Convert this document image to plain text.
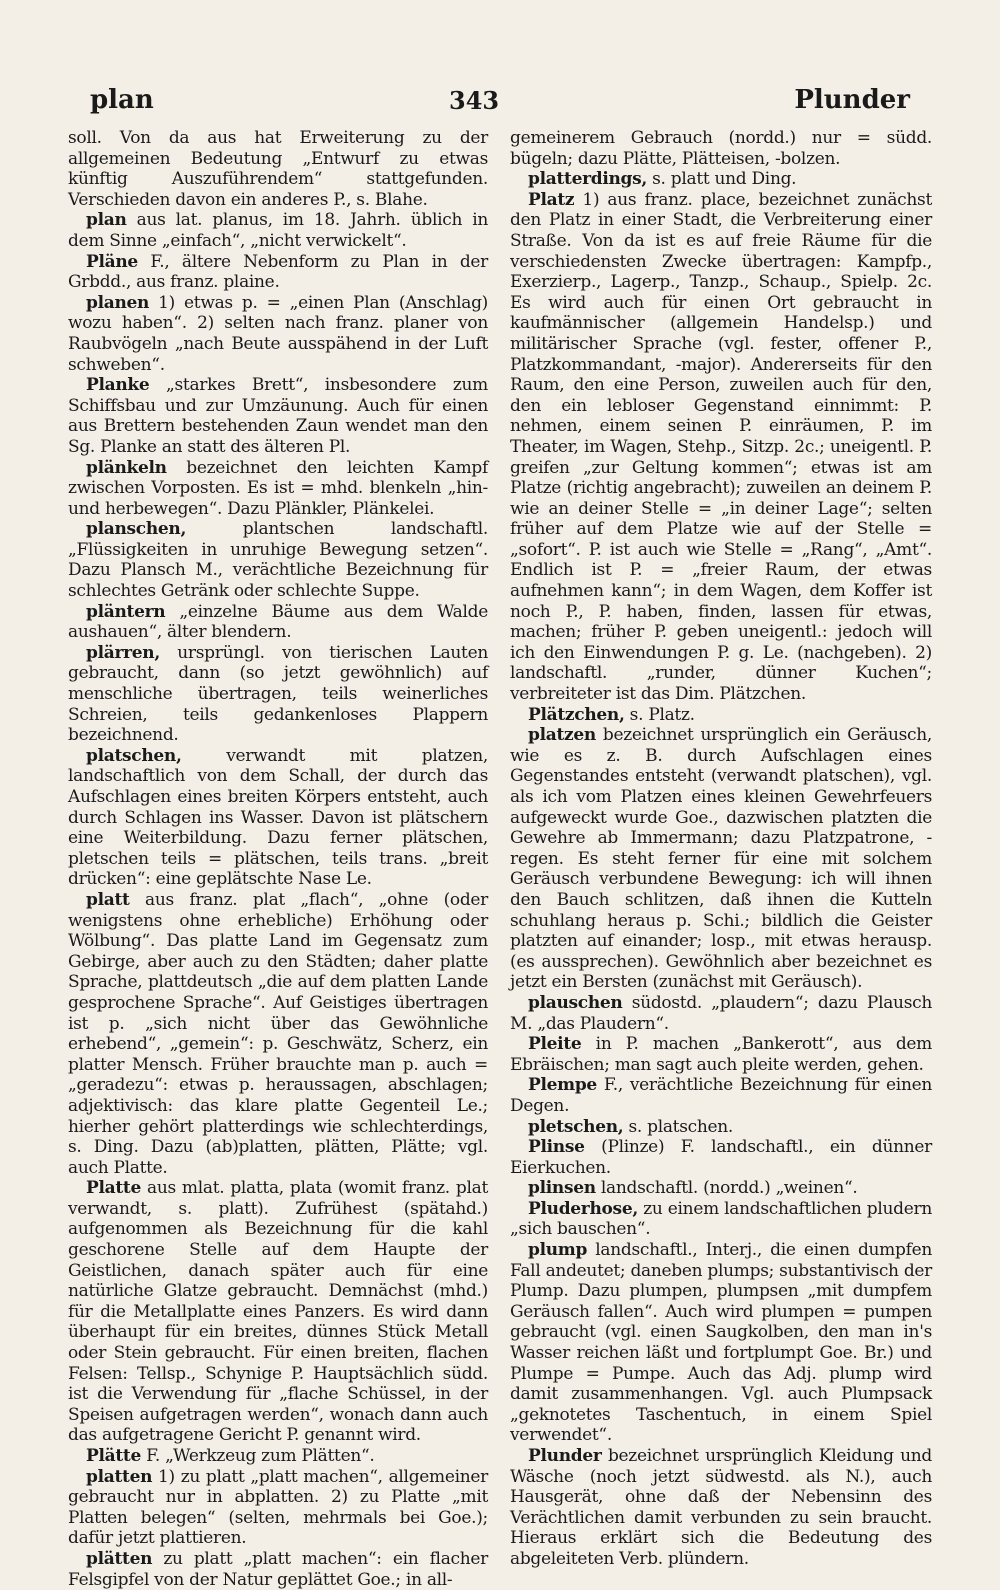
plan	343	Plunder

soll. Von da aus hat Erweiterung zu der allgemeinen Bedeutung „Entwurf zu etwas künftig Auszuführendem“ stattgefunden. Verschieden davon ein anderes P., s. Blahe.

plan aus lat. planus, im 18. Jahrh. üblich in dem Sinne „einfach“, „nicht verwickelt“.

Pläne F., ältere Nebenform zu Plan in der Grbdd., aus franz. plaine.

planen 1) etwas p. = „einen Plan (Anschlag) wozu haben“. 2) selten nach franz. planer von Raubvögeln „nach Beute ausspähend in der Luft schweben“.

Planke „starkes Brett“, insbesondere zum Schiffsbau und zur Umzäunung. Auch für einen aus Brettern bestehenden Zaun wendet man den Sg. Planke an statt des älteren Pl.

plänkeln bezeichnet den leichten Kampf zwischen Vorposten. Es ist = mhd. blenkeln „hin- und herbewegen“. Dazu Plänkler, Plänkelei.

planschen, plantschen landschaftl. „Flüssigkeiten in unruhige Bewegung setzen“. Dazu Plansch M., verächtliche Bezeichnung für schlechtes Getränk oder schlechte Suppe.

pläntern „einzelne Bäume aus dem Walde aushauen“, älter blendern.

plärren, ursprüngl. von tierischen Lauten gebraucht, dann (so jetzt gewöhnlich) auf menschliche übertragen, teils weinerliches Schreien, teils gedankenloses Plappern bezeichnend.

platschen, verwandt mit platzen, landschaftlich von dem Schall, der durch das Aufschlagen eines breiten Körpers entsteht, auch durch Schlagen ins Wasser. Davon ist plätschern eine Weiterbildung. Dazu ferner plätschen, pletschen teils = plätschen, teils trans. „breit drücken“: eine geplätschte Nase Le.

platt aus franz. plat „flach“, „ohne (oder wenigstens ohne erhebliche) Erhöhung oder Wölbung“. Das platte Land im Gegensatz zum Gebirge, aber auch zu den Städten; daher platte Sprache, plattdeutsch „die auf dem platten Lande gesprochene Sprache“. Auf Geistiges übertragen ist p. „sich nicht über das Gewöhnliche erhebend“, „gemein“: p. Geschwätz, Scherz, ein platter Mensch. Früher brauchte man p. auch = „geradezu“: etwas p. heraussagen, abschlagen; adjektivisch: das klare platte Gegenteil Le.; hierher gehört platterdings wie schlechterdings, s. Ding. Dazu (ab)platten, plätten, Plätte; vgl. auch Platte.

Platte aus mlat. platta, plata (womit franz. plat verwandt, s. platt). Zufrühest (spätahd.) aufgenommen als Bezeichnung für die kahl geschorene Stelle auf dem Haupte der Geistlichen, danach später auch für eine natürliche Glatze gebraucht. Demnächst (mhd.) für die Metallplatte eines Panzers. Es wird dann überhaupt für ein breites, dünnes Stück Metall oder Stein gebraucht. Für einen breiten, flachen Felsen: Tellsp., Schynige P. Hauptsächlich südd. ist die Verwendung für „flache Schüssel, in der Speisen aufgetragen werden“, wonach dann auch das aufgetragene Gericht P. genannt wird.

Plätte F. „Werkzeug zum Plätten“.

platten 1) zu platt „platt machen“, allgemeiner gebraucht nur in abplatten. 2) zu Platte „mit Platten belegen“ (selten, mehrmals bei Goe.); dafür jetzt plattieren.

plätten zu platt „platt machen“: ein flacher Felsgipfel von der Natur geplättet Goe.; in all-

gemeinerem Gebrauch (nordd.) nur = südd. bügeln; dazu Plätte, Plätteisen, -bolzen.

platterdings, s. platt und Ding.

Platz 1) aus franz. place, bezeichnet zunächst den Platz in einer Stadt, die Verbreiterung einer Straße. Von da ist es auf freie Räume für die verschiedensten Zwecke übertragen: Kampfp., Exerzierp., Lagerp., Tanzp., Schaup., Spielp. 2c. Es wird auch für einen Ort gebraucht in kaufmännischer (allgemein Handelsp.) und militärischer Sprache (vgl. fester, offener P., Platzkommandant, -major). Andererseits für den Raum, den eine Person, zuweilen auch für den, den ein lebloser Gegenstand einnimmt: P. nehmen, einem seinen P. einräumen, P. im Theater, im Wagen, Stehp., Sitzp. 2c.; uneigentl. P. greifen „zur Geltung kommen“; etwas ist am Platze (richtig angebracht); zuweilen an deinem P. wie an deiner Stelle = „in deiner Lage“; selten früher auf dem Platze wie auf der Stelle = „sofort“. P. ist auch wie Stelle = „Rang“, „Amt“. Endlich ist P. = „freier Raum, der etwas aufnehmen kann“; in dem Wagen, dem Koffer ist noch P., P. haben, finden, lassen für etwas, machen; früher P. geben uneigentl.: jedoch will ich den Einwendungen P. g. Le. (nachgeben). 2) landschaftl. „runder, dünner Kuchen“; verbreiteter ist das Dim. Plätzchen.

Plätzchen, s. Platz.

platzen bezeichnet ursprünglich ein Geräusch, wie es z. B. durch Aufschlagen eines Gegenstandes entsteht (verwandt platschen), vgl. als ich vom Platzen eines kleinen Gewehrfeuers aufgeweckt wurde Goe., dazwischen platzten die Gewehre ab Immermann; dazu Platzpatrone, -regen. Es steht ferner für eine mit solchem Geräusch verbundene Bewegung: ich will ihnen den Bauch schlitzen, daß ihnen die Kutteln schuhlang heraus p. Schi.; bildlich die Geister platzten auf einander; losp., mit etwas herausp. (es aussprechen). Gewöhnlich aber bezeichnet es jetzt ein Bersten (zunächst mit Geräusch).

plauschen südostd. „plaudern“; dazu Plausch M. „das Plaudern“.

Pleite in P. machen „Bankerott“, aus dem Ebräischen; man sagt auch pleite werden, gehen.

Plempe F., verächtliche Bezeichnung für einen Degen.

pletschen, s. platschen.

Plinse (Plinze) F. landschaftl., ein dünner Eierkuchen.

plinsen landschaftl. (nordd.) „weinen“.

Pluderhose, zu einem landschaftlichen pludern „sich bauschen“.

plump landschaftl., Interj., die einen dumpfen Fall andeutet; daneben plumps; substantivisch der Plump. Dazu plumpen, plumpsen „mit dumpfem Geräusch fallen“. Auch wird plumpen = pumpen gebraucht (vgl. einen Saugkolben, den man in's Wasser reichen läßt und fortplumpt Goe. Br.) und Plumpe = Pumpe. Auch das Adj. plump wird damit zusammenhangen. Vgl. auch Plumpsack „geknotetes Taschentuch, in einem Spiel verwendet“.

Plunder bezeichnet ursprünglich Kleidung und Wäsche (noch jetzt südwestd. als N.), auch Hausgerät, ohne daß der Nebensinn des Verächtlichen damit verbunden zu sein braucht. Hieraus erklärt sich die Bedeutung des abgeleiteten Verb. plündern.
